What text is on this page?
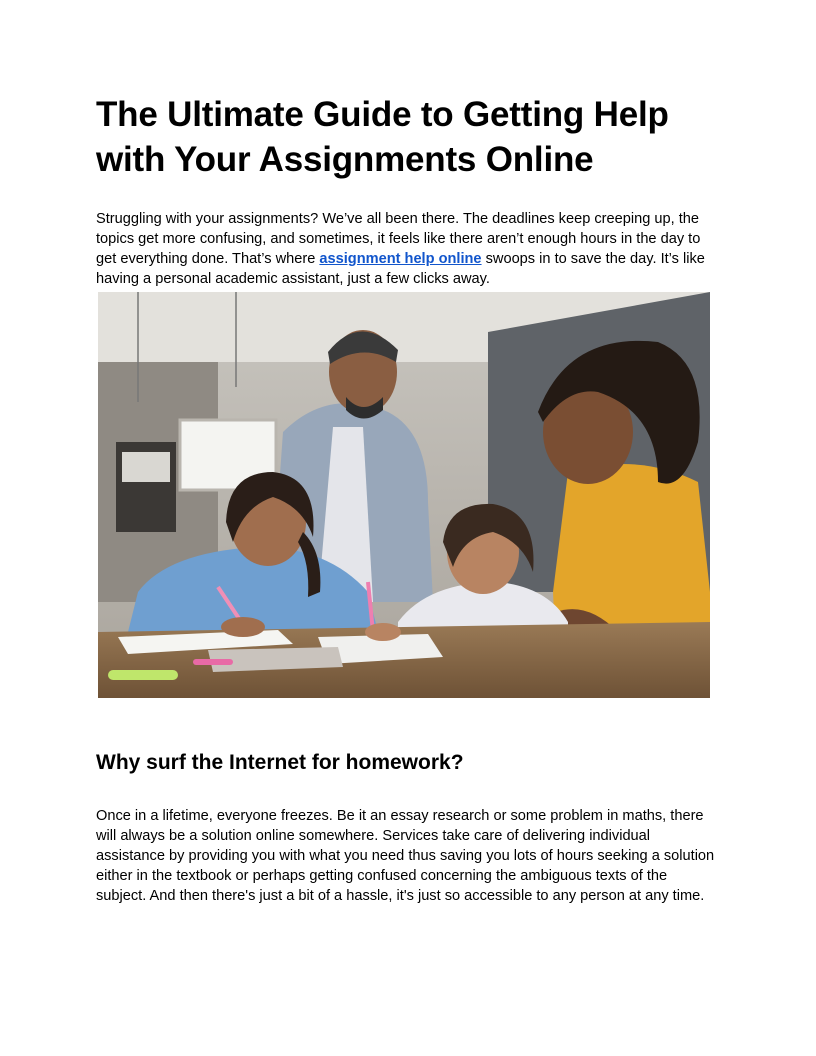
The Ultimate Guide to Getting Help with Your Assignments Online

Struggling with your assignments? We’ve all been there. The deadlines keep creeping up, the topics get more confusing, and sometimes, it feels like there aren’t enough hours in the day to get everything done. That’s where assignment help online swoops in to save the day. It’s like having a personal academic assistant, just a few clicks away.

Why surf the Internet for homework?

Once in a lifetime, everyone freezes. Be it an essay research or some problem in maths, there will always be a solution online somewhere. Services take care of delivering individual assistance by providing you with what you need thus saving you lots of hours seeking a solution either in the textbook or perhaps getting confused concerning the ambiguous texts of the subject. And then there's just a bit of a hassle, it's just so accessible to any person at any time.
